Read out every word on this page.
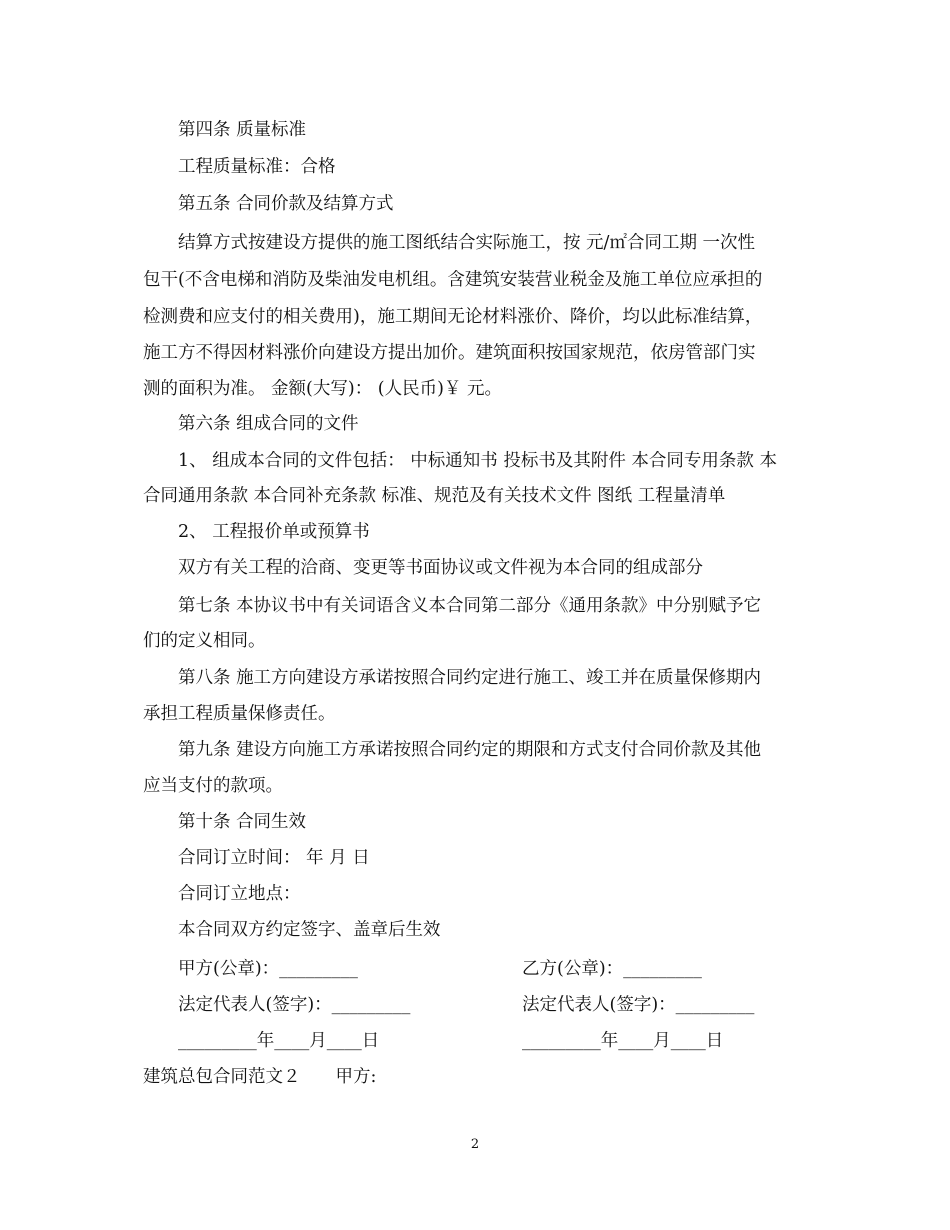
第四条 质量标准
工程质量标准：合格
第五条 合同价款及结算方式
结算方式按建设方提供的施工图纸结合实际施工，按 元/㎡合同工期 一次性
包干(不含电梯和消防及柴油发电机组。含建筑安装营业税金及施工单位应承担的
检测费和应支付的相关费用)，施工期间无论材料涨价、降价，均以此标准结算，
施工方不得因材料涨价向建设方提出加价。建筑面积按国家规范，依房管部门实
测的面积为准。 金额(大写)： (人民币)￥ 元。
第六条 组成合同的文件
1、 组成本合同的文件包括： 中标通知书 投标书及其附件 本合同专用条款 本
合同通用条款 本合同补充条款 标准、规范及有关技术文件 图纸 工程量清单
2、 工程报价单或预算书
双方有关工程的洽商、变更等书面协议或文件视为本合同的组成部分
第七条 本协议书中有关词语含义本合同第二部分《通用条款》中分别赋予它
们的定义相同。
第八条 施工方向建设方承诺按照合同约定进行施工、竣工并在质量保修期内
承担工程质量保修责任。
第九条 建设方向施工方承诺按照合同约定的期限和方式支付合同价款及其他
应当支付的款项。
第十条 合同生效
合同订立时间： 年 月 日
合同订立地点：
本合同双方约定签字、盖章后生效
甲方(公章)：_________	乙方(公章)：_________
法定代表人(签字)：_________	法定代表人(签字)：_________
_________年____月____日	_________年____月____日
建筑总包合同范文２　　甲方:
2
